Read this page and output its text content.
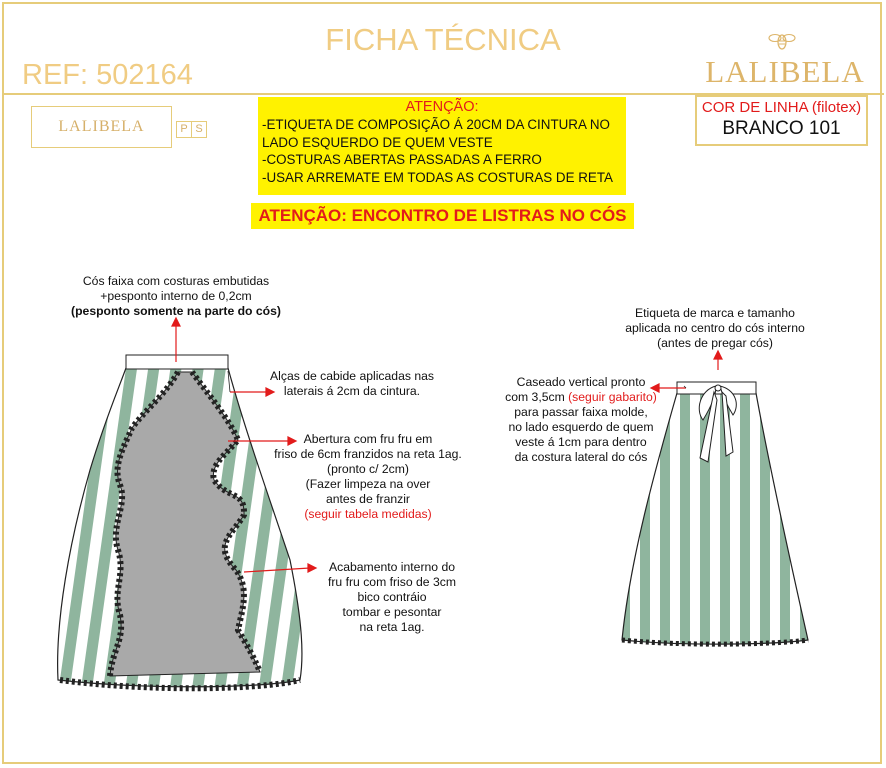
FICHA TÉCNICA
REF: 502164	LALIBELA
LALIBELA	P S
ATENÇÃO:
-ETIQUETA DE COMPOSIÇÃO Á 20CM DA CINTURA NO
LADO ESQUERDO DE QUEM VESTE
-COSTURAS ABERTAS PASSADAS A FERRO
-USAR ARREMATE EM TODAS AS COSTURAS DE RETA
ATENÇÃO: ENCONTRO DE LISTRAS NO CÓS
COR DE LINHA (filotex)
BRANCO 101
Cós faixa com costuras embutidas
+pesponto interno de 0,2cm
(pesponto somente na parte do cós)
Alças de cabide aplicadas nas
laterais á 2cm da cintura.
Abertura com fru fru em
friso de 6cm franzidos na reta 1ag.
(pronto c/ 2cm)
(Fazer limpeza na over
antes de franzir
(seguir tabela medidas)
Acabamento interno do
fru fru com friso de 3cm
bico contráio
tombar e pesontar
na reta 1ag.
Etiqueta de marca e tamanho
aplicada no centro do cós interno
(antes de pregar cós)
Caseado vertical pronto
com 3,5cm (seguir gabarito)
para passar faixa molde,
no lado esquerdo de quem
veste á 1cm para dentro
da costura lateral do cós
